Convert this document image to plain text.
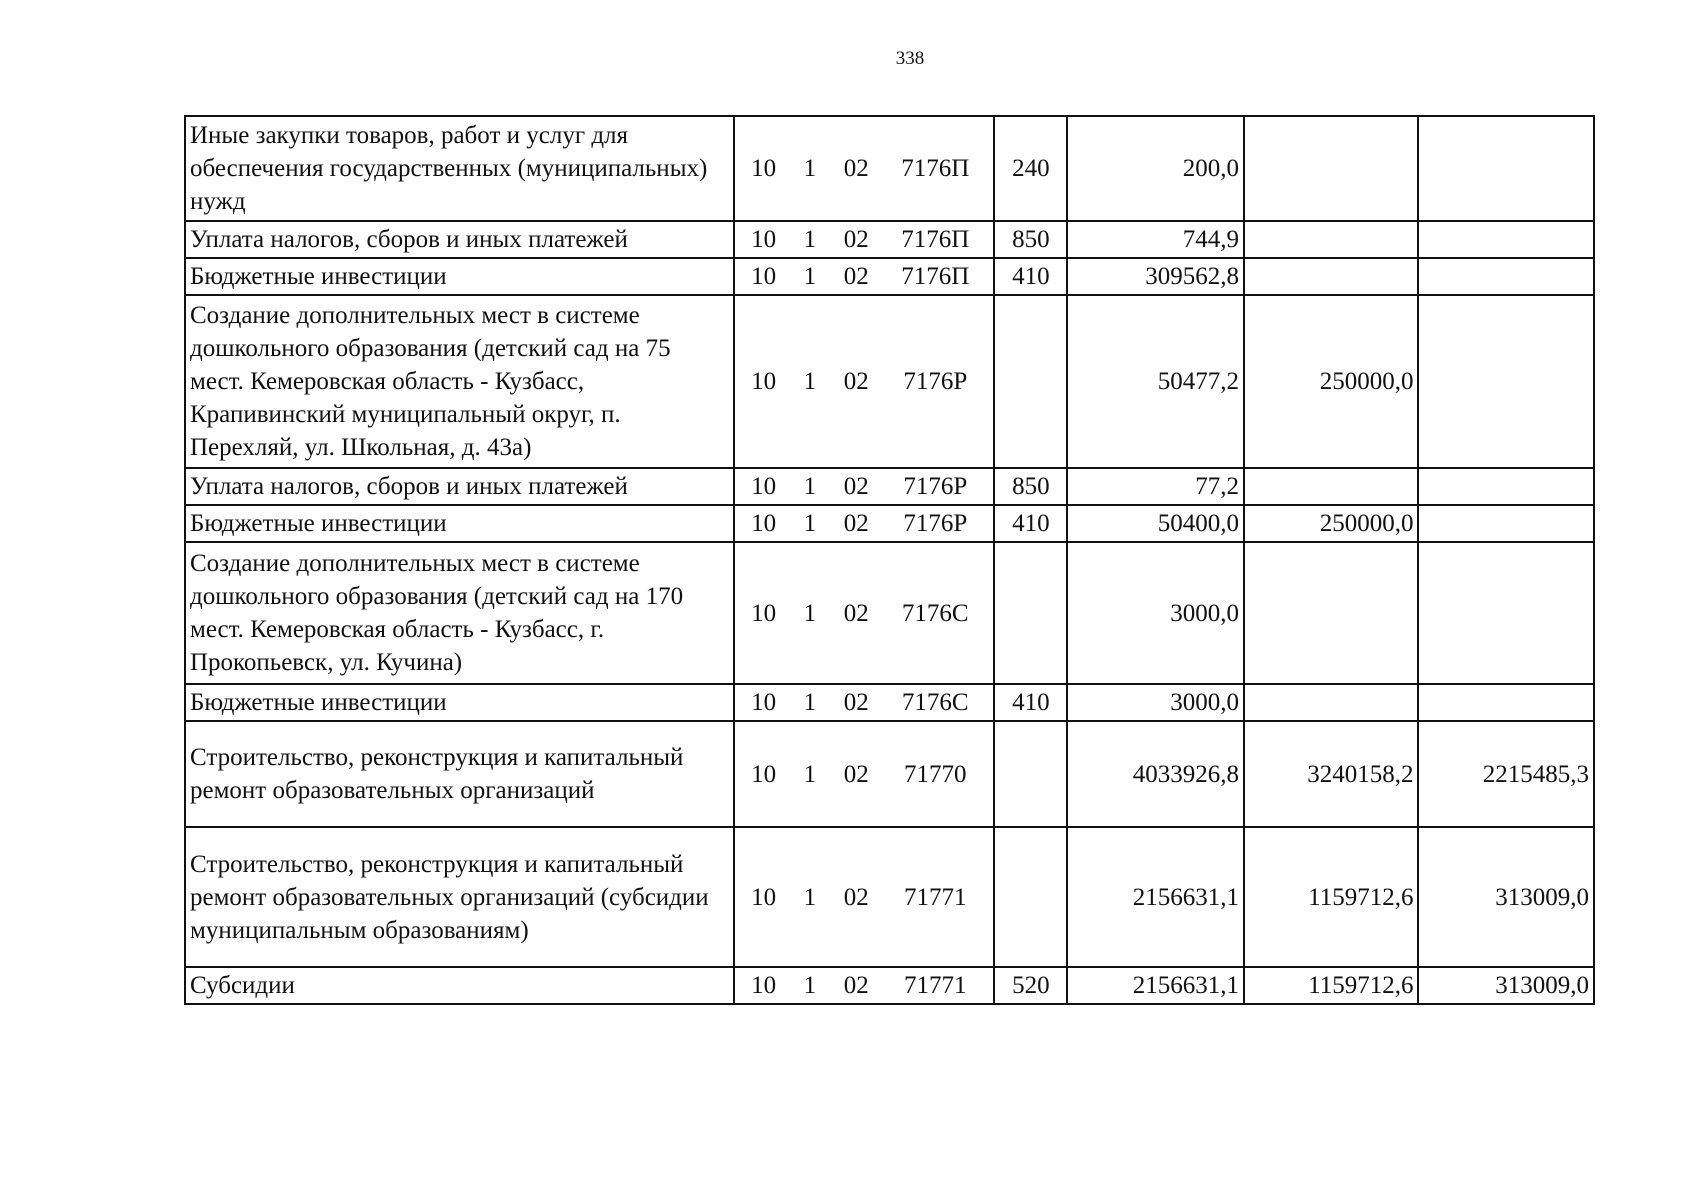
338
Иные закупки товаров, работ и услуг для обеспечения государственных (муниципальных) нужд	10 1 02 7176П	240	200,0		
Уплата налогов, сборов и иных платежей	10 1 02 7176П	850	744,9		
Бюджетные инвестиции	10 1 02 7176П	410	309562,8		
Создание дополнительных мест в системе дошкольного образования (детский сад на 75 мест. Кемеровская область - Кузбасс, Крапивинский муниципальный округ, п. Перехляй, ул. Школьная, д. 43а)	10 1 02 7176Р		50477,2	250000,0	
Уплата налогов, сборов и иных платежей	10 1 02 7176Р	850	77,2		
Бюджетные инвестиции	10 1 02 7176Р	410	50400,0	250000,0	
Создание дополнительных мест в системе дошкольного образования (детский сад на 170 мест. Кемеровская область - Кузбасс, г. Прокопьевск, ул. Кучина)	10 1 02 7176С		3000,0		
Бюджетные инвестиции	10 1 02 7176С	410	3000,0		
Строительство, реконструкция и капитальный ремонт образовательных организаций	10 1 02 71770		4033926,8	3240158,2	2215485,3
Строительство, реконструкция и капитальный ремонт образовательных организаций (субсидии муниципальным образованиям)	10 1 02 71771		2156631,1	1159712,6	313009,0
Субсидии	10 1 02 71771	520	2156631,1	1159712,6	313009,0
